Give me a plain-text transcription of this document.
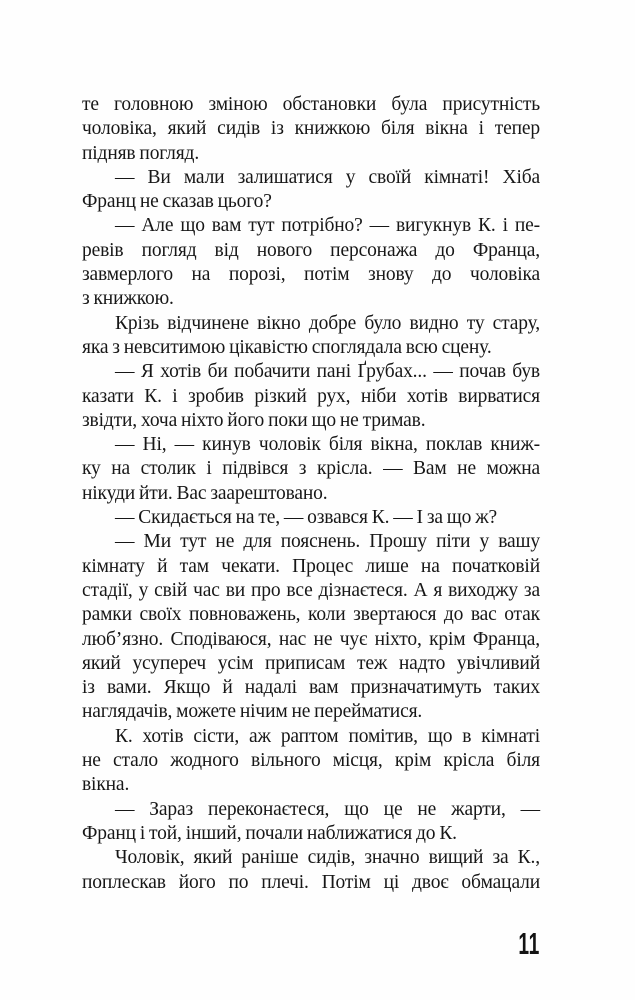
те головною зміною обстановки була присутність
чоловіка, який сидів із книжкою біля вікна і тепер
підняв погляд.
— Ви мали залишатися у своїй кімнаті! Хіба
Франц не сказав цього?
— Але що вам тут потрібно? — вигукнув К. і пе-
ревів погляд від нового персонажа до Франца,
завмерлого на порозі, потім знову до чоловіка
з книжкою.
Крізь відчинене вікно добре було видно ту стару,
яка з невситимою цікавістю споглядала всю сцену.
— Я хотів би побачити пані Ґрубах... — почав був
казати К. і зробив різкий рух, ніби хотів вирватися
звідти, хоча ніхто його поки що не тримав.
— Ні, — кинув чоловік біля вікна, поклав книж-
ку на столик і підвівся з крісла. — Вам не можна
нікуди йти. Вас заарештовано.
— Скидається на те, — озвався К. — І за що ж?
— Ми тут не для пояснень. Прошу піти у вашу
кімнату й там чекати. Процес лише на початковій
стадії, у свій час ви про все дізнаєтеся. А я виходжу за
рамки своїх повноважень, коли звертаюся до вас отак
люб’язно. Сподіваюся, нас не чує ніхто, крім Франца,
який усупереч усім приписам теж надто увічливий
із вами. Якщо й надалі вам призначатимуть таких
наглядачів, можете нічим не перейматися.
К. хотів сісти, аж раптом помітив, що в кімнаті
не стало жодного вільного місця, крім крісла біля
вікна.
— Зараз переконаєтеся, що це не жарти, —
Франц і той, інший, почали наближатися до К.
Чоловік, який раніше сидів, значно вищий за К.,
поплескав його по плечі. Потім ці двоє обмацали
11
